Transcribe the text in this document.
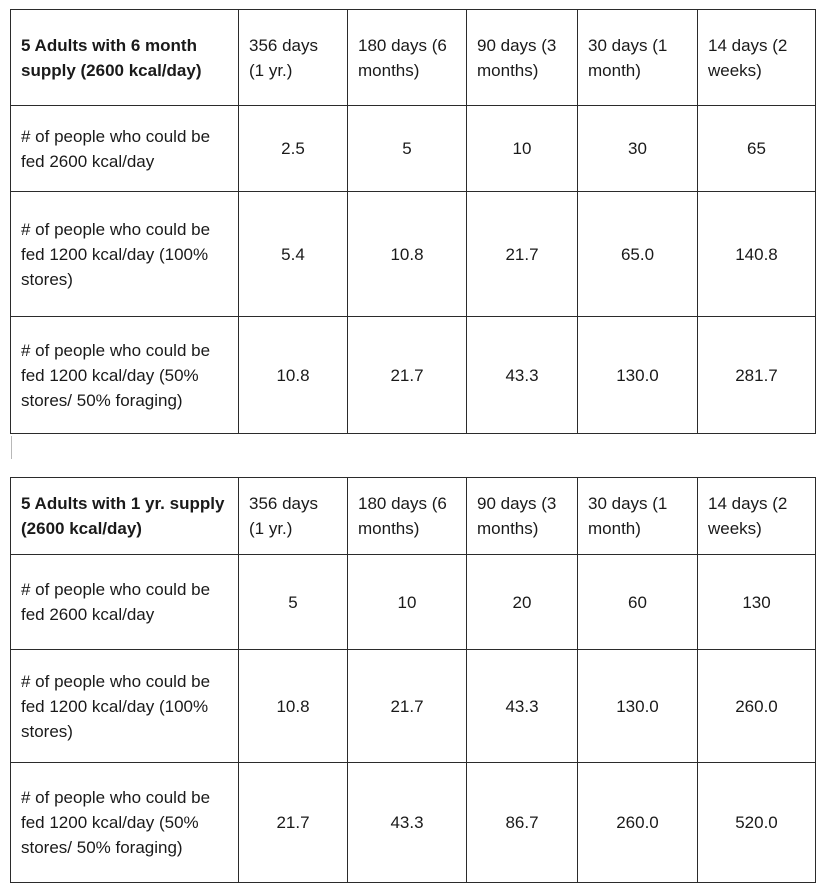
5 Adults with 6 month supply (2600 kcal/day)	356 days (1 yr.)	180 days (6 months)	90 days (3 months)	30 days (1 month)	14 days (2 weeks)
# of people who could be fed 2600 kcal/day	2.5	5	10	30	65
# of people who could be fed 1200 kcal/day (100% stores)	5.4	10.8	21.7	65.0	140.8
# of people who could be fed 1200 kcal/day (50% stores/ 50% foraging)	10.8	21.7	43.3	130.0	281.7
5 Adults with 1 yr. supply (2600 kcal/day)	356 days (1 yr.)	180 days (6 months)	90 days (3 months)	30 days (1 month)	14 days (2 weeks)
# of people who could be fed 2600 kcal/day	5	10	20	60	130
# of people who could be fed 1200 kcal/day (100% stores)	10.8	21.7	43.3	130.0	260.0
# of people who could be fed 1200 kcal/day (50% stores/ 50% foraging)	21.7	43.3	86.7	260.0	520.0
